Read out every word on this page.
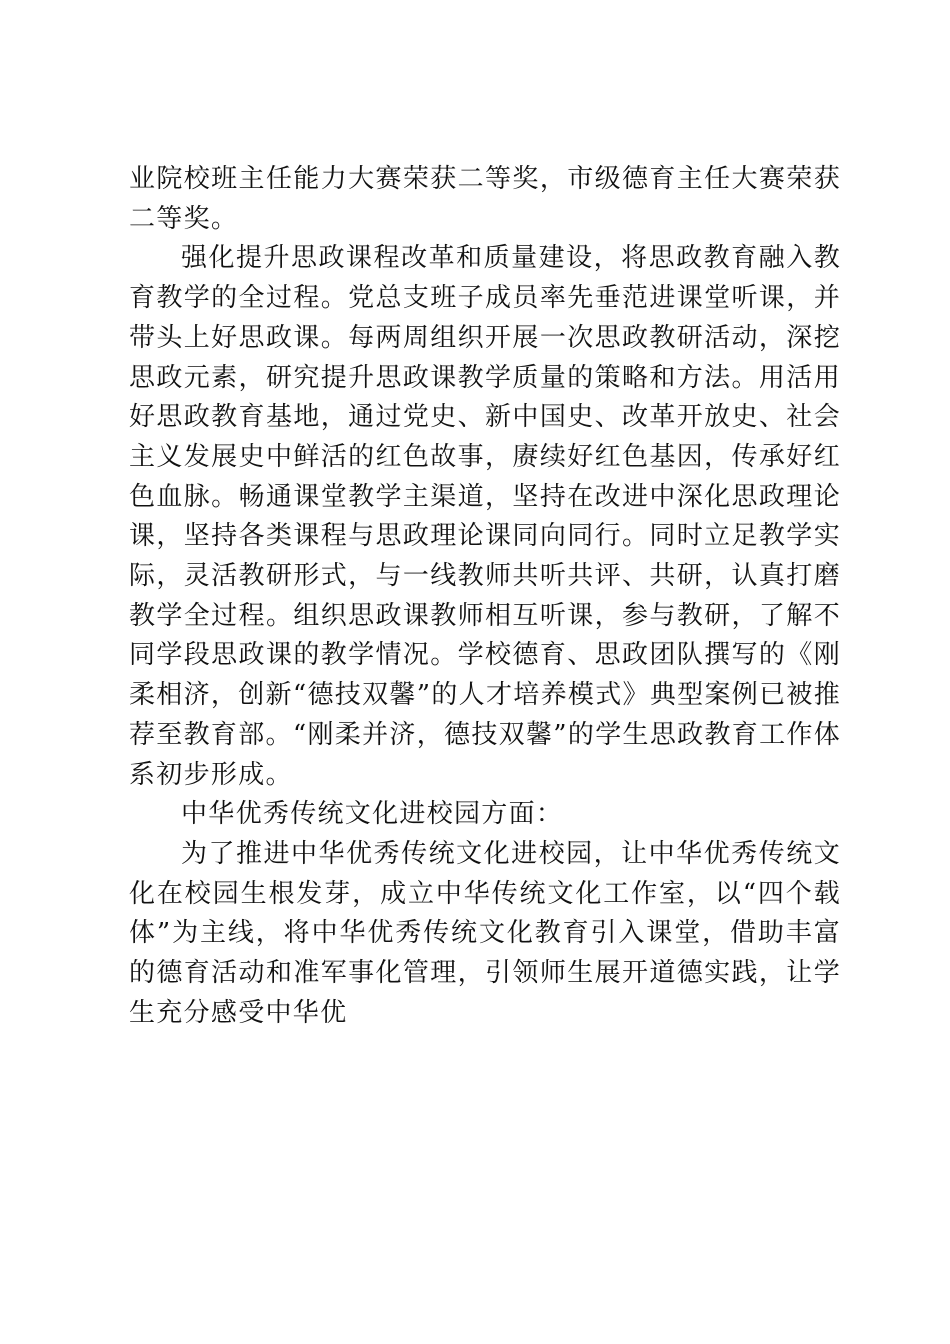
业院校班主任能力大赛荣获二等奖，市级德育主任大赛荣获二等奖。

强化提升思政课程改革和质量建设，将思政教育融入教育教学的全过程。党总支班子成员率先垂范进课堂听课，并带头上好思政课。每两周组织开展一次思政教研活动，深挖思政元素，研究提升思政课教学质量的策略和方法。用活用好思政教育基地，通过党史、新中国史、改革开放史、社会主义发展史中鲜活的红色故事，赓续好红色基因，传承好红色血脉。畅通课堂教学主渠道，坚持在改进中深化思政理论课，坚持各类课程与思政理论课同向同行。同时立足教学实际，灵活教研形式，与一线教师共听共评、共研，认真打磨教学全过程。组织思政课教师相互听课，参与教研，了解不同学段思政课的教学情况。学校德育、思政团队撰写的《刚柔相济，创新“德技双馨”的人才培养模式》典型案例已被推荐至教育部。“刚柔并济，德技双馨”的学生思政教育工作体系初步形成。

中华优秀传统文化进校园方面：

为了推进中华优秀传统文化进校园，让中华优秀传统文化在校园生根发芽，成立中华传统文化工作室，以“四个载体”为主线，将中华优秀传统文化教育引入课堂，借助丰富的德育活动和准军事化管理，引领师生展开道德实践，让学生充分感受中华优
